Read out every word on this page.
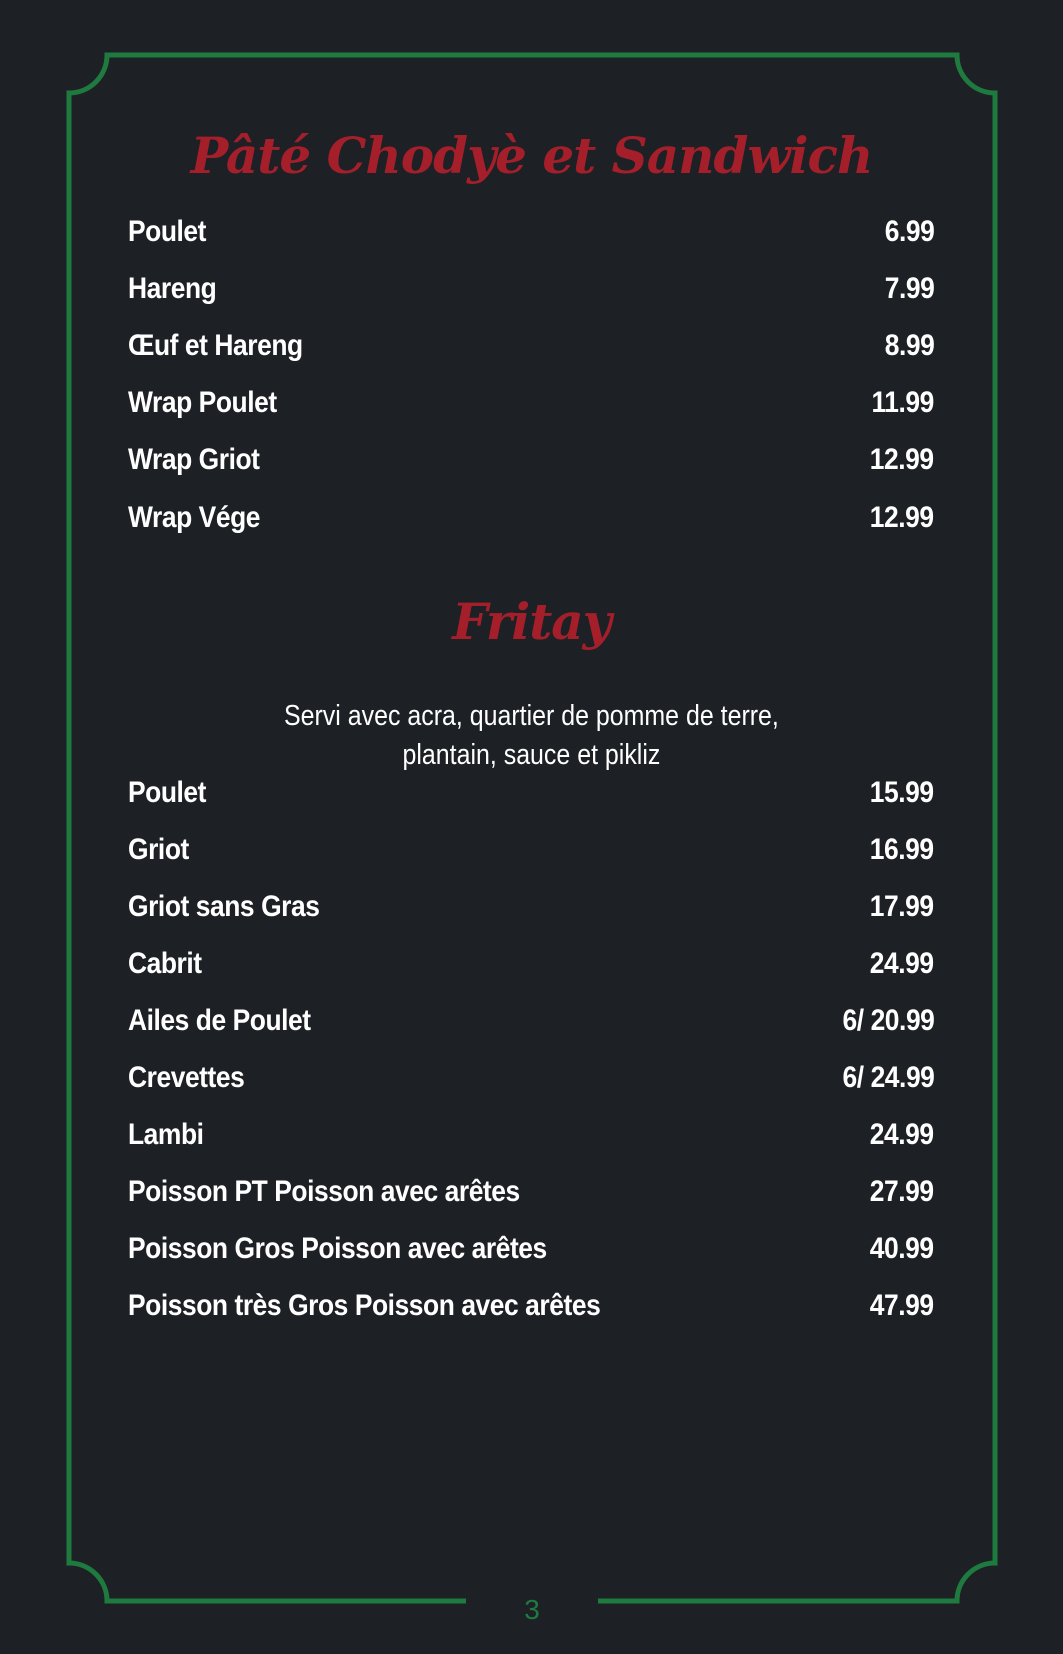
Pâté Chodyè et Sandwich
Poulet	6.99
Hareng	7.99
Œuf et Hareng	8.99
Wrap Poulet	11.99
Wrap Griot	12.99
Wrap Vége	12.99
Fritay

Servi avec acra, quartier de pomme de terre,
plantain, sauce et pikliz

Poulet	15.99
Griot	16.99
Griot sans Gras	17.99
Cabrit	24.99
Ailes de Poulet	6/ 20.99
Crevettes	6/ 24.99
Lambi	24.99
Poisson PT Poisson avec arêtes	27.99
Poisson Gros Poisson avec arêtes	40.99
Poisson très Gros Poisson avec arêtes	47.99
3
